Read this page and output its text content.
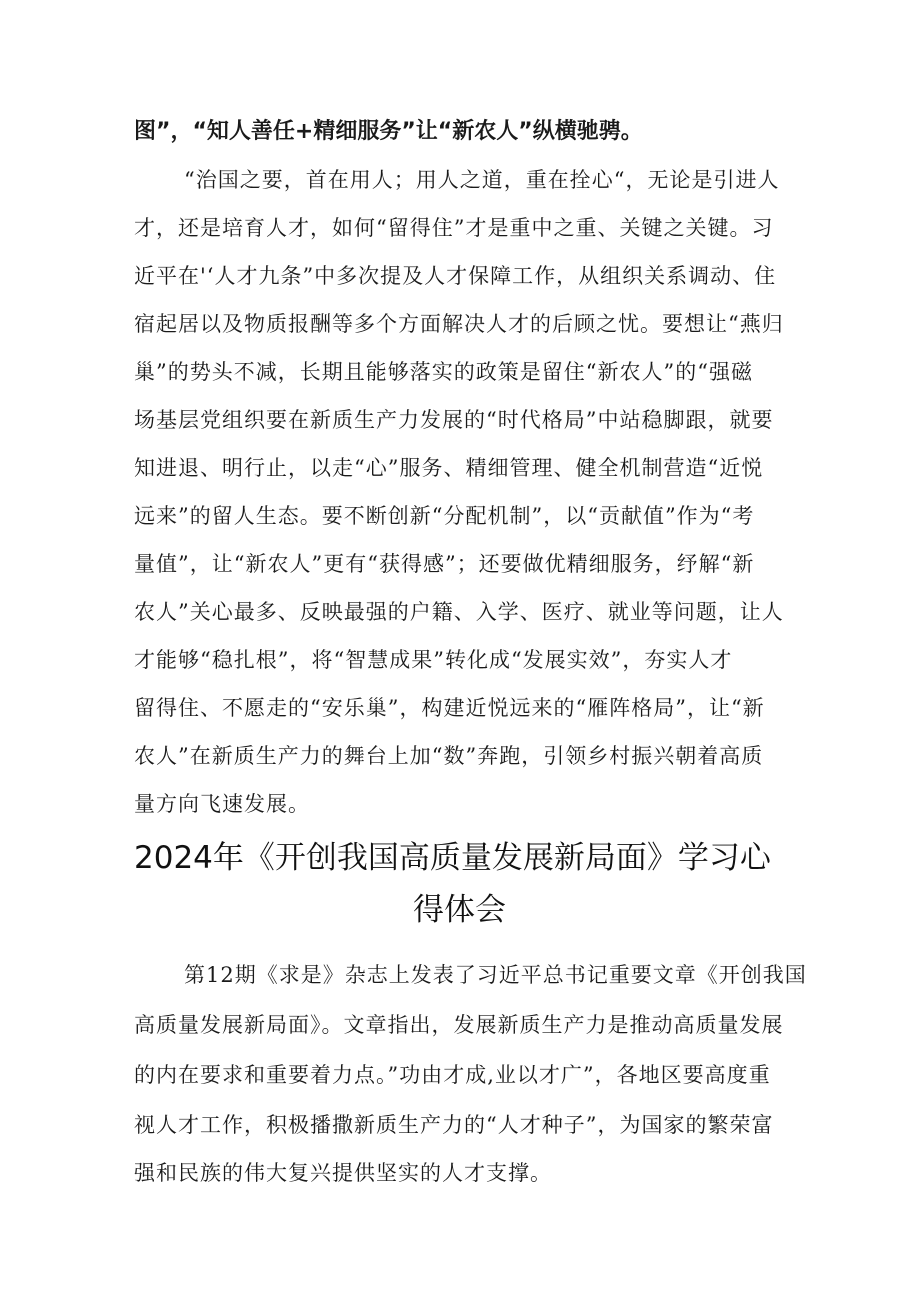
图”，“知人善任+精细服务”让“新农人”纵横驰骋。
“治国之要，首在用人；用人之道，重在拴心“，无论是引进人
才，还是培育人才，如何“留得住”才是重中之重、关键之关键。习
近平在'‘人才九条”中多次提及人才保障工作，从组织关系调动、住
宿起居以及物质报酬等多个方面解决人才的后顾之忧。要想让“燕归
巢”的势头不减，长期且能够落实的政策是留住“新农人”的“强磁
场基层党组织要在新质生产力发展的“时代格局”中站稳脚跟，就要
知进退、明行止，以走“心”服务、精细管理、健全机制营造“近悦
远来”的留人生态。要不断创新“分配机制”，以“贡献值”作为“考
量值”，让“新农人”更有“获得感”；还要做优精细服务，纾解“新
农人”关心最多、反映最强的户籍、入学、医疗、就业等问题，让人
才能够“稳扎根”，将“智慧成果”转化成“发展实效”，夯实人才
留得住、不愿走的“安乐巢”，构建近悦远来的“雁阵格局”，让“新
农人”在新质生产力的舞台上加“数”奔跑，引领乡村振兴朝着高质
量方向飞速发展。
2024年《开创我国高质量发展新局面》学习心
得体会
第12期《求是》杂志上发表了习近平总书记重要文章《开创我国
高质量发展新局面》。文章指出，发展新质生产力是推动高质量发展
的内在要求和重要着力点。”功由才成,业以才广”，各地区要高度重
视人才工作，积极播撒新质生产力的“人才种子”，为国家的繁荣富
强和民族的伟大复兴提供坚实的人才支撑。
